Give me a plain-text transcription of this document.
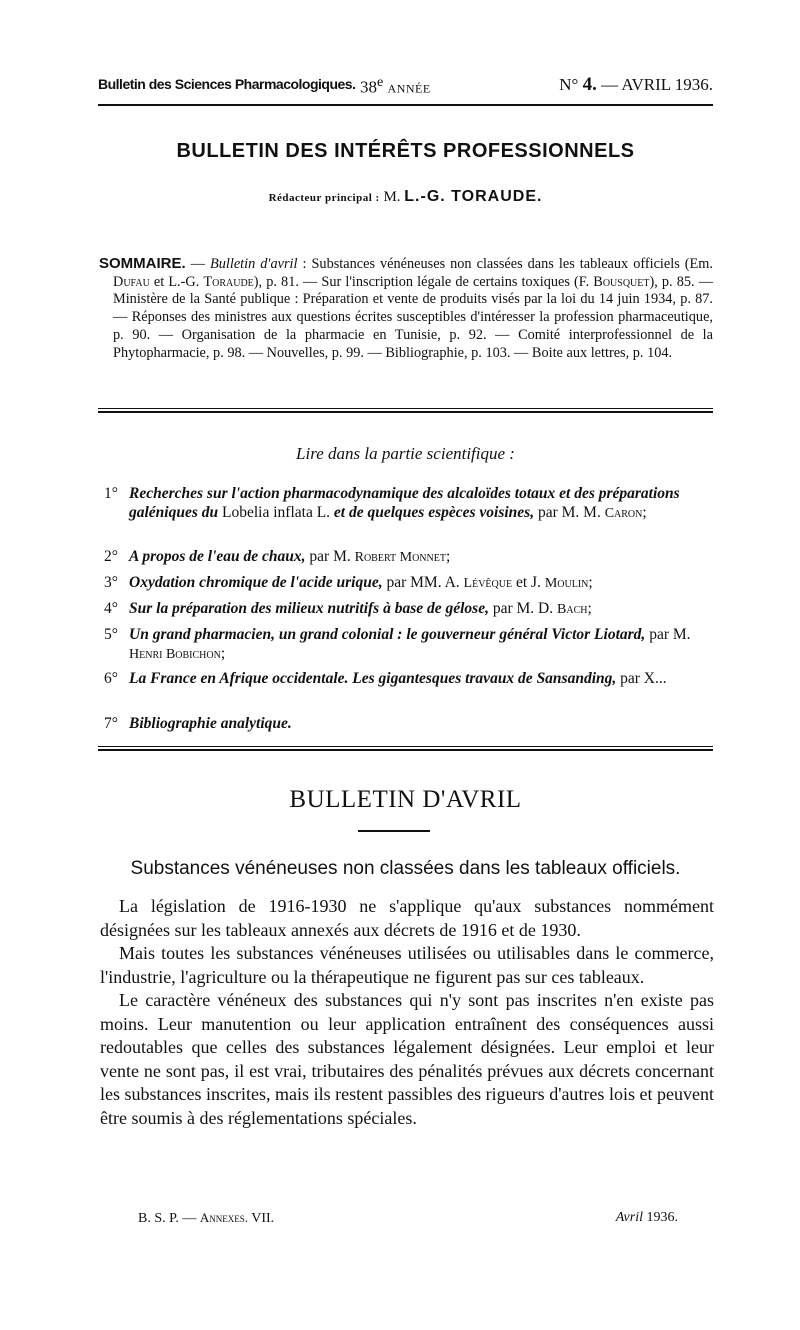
Bulletin des Sciences Pharmacologiques. 38e ANNÉE	N° 4. — AVRIL 1936.
BULLETIN DES INTÉRÊTS PROFESSIONNELS
Rédacteur principal : M. L.-G. TORAUDE.
SOMMAIRE. — Bulletin d'avril : Substances vénéneuses non classées dans les tableaux officiels (Em. Dufau et L.-G. Toraude), p. 81. — Sur l'inscription légale de certains toxiques (F. Bousquet), p. 85. — Ministère de la Santé publique : Préparation et vente de produits visés par la loi du 14 juin 1934, p. 87. — Réponses des ministres aux questions écrites susceptibles d'intéresser la profession pharmaceutique, p. 90. — Organisation de la pharmacie en Tunisie, p. 92. — Comité interprofessionnel de la Phytopharmacie, p. 98. — Nouvelles, p. 99. — Bibliographie, p. 103. — Boite aux lettres, p. 104.
Lire dans la partie scientifique :
1° Recherches sur l'action pharmacodynamique des alcaloïdes totaux et des préparations galéniques du Lobelia inflata L. et de quelques espèces voisines, par M. M. Caron;
2° A propos de l'eau de chaux, par M. Robert Monnet;
3° Oxydation chromique de l'acide urique, par MM. A. Lévêque et J. Moulin;
4° Sur la préparation des milieux nutritifs à base de gélose, par M. D. Bach;
5° Un grand pharmacien, un grand colonial : le gouverneur général Victor Liotard, par M. Henri Bobichon;
6° La France en Afrique occidentale. Les gigantesques travaux de Sansanding, par X...
7° Bibliographie analytique.
BULLETIN D'AVRIL
Substances vénéneuses non classées dans les tableaux officiels.

La législation de 1916-1930 ne s'applique qu'aux substances nommément désignées sur les tableaux annexés aux décrets de 1916 et de 1930.

Mais toutes les substances vénéneuses utilisées ou utilisables dans le commerce, l'industrie, l'agriculture ou la thérapeutique ne figurent pas sur ces tableaux.

Le caractère vénéneux des substances qui n'y sont pas inscrites n'en existe pas moins. Leur manutention ou leur application entraînent des conséquences aussi redoutables que celles des substances légalement désignées. Leur emploi et leur vente ne sont pas, il est vrai, tributaires des pénalités prévues aux décrets concernant les substances inscrites, mais ils restent passibles des rigueurs d'autres lois et peuvent être soumis à des réglementations spéciales.

B. S. P. — Annexes. VII.	Avril 1936.
